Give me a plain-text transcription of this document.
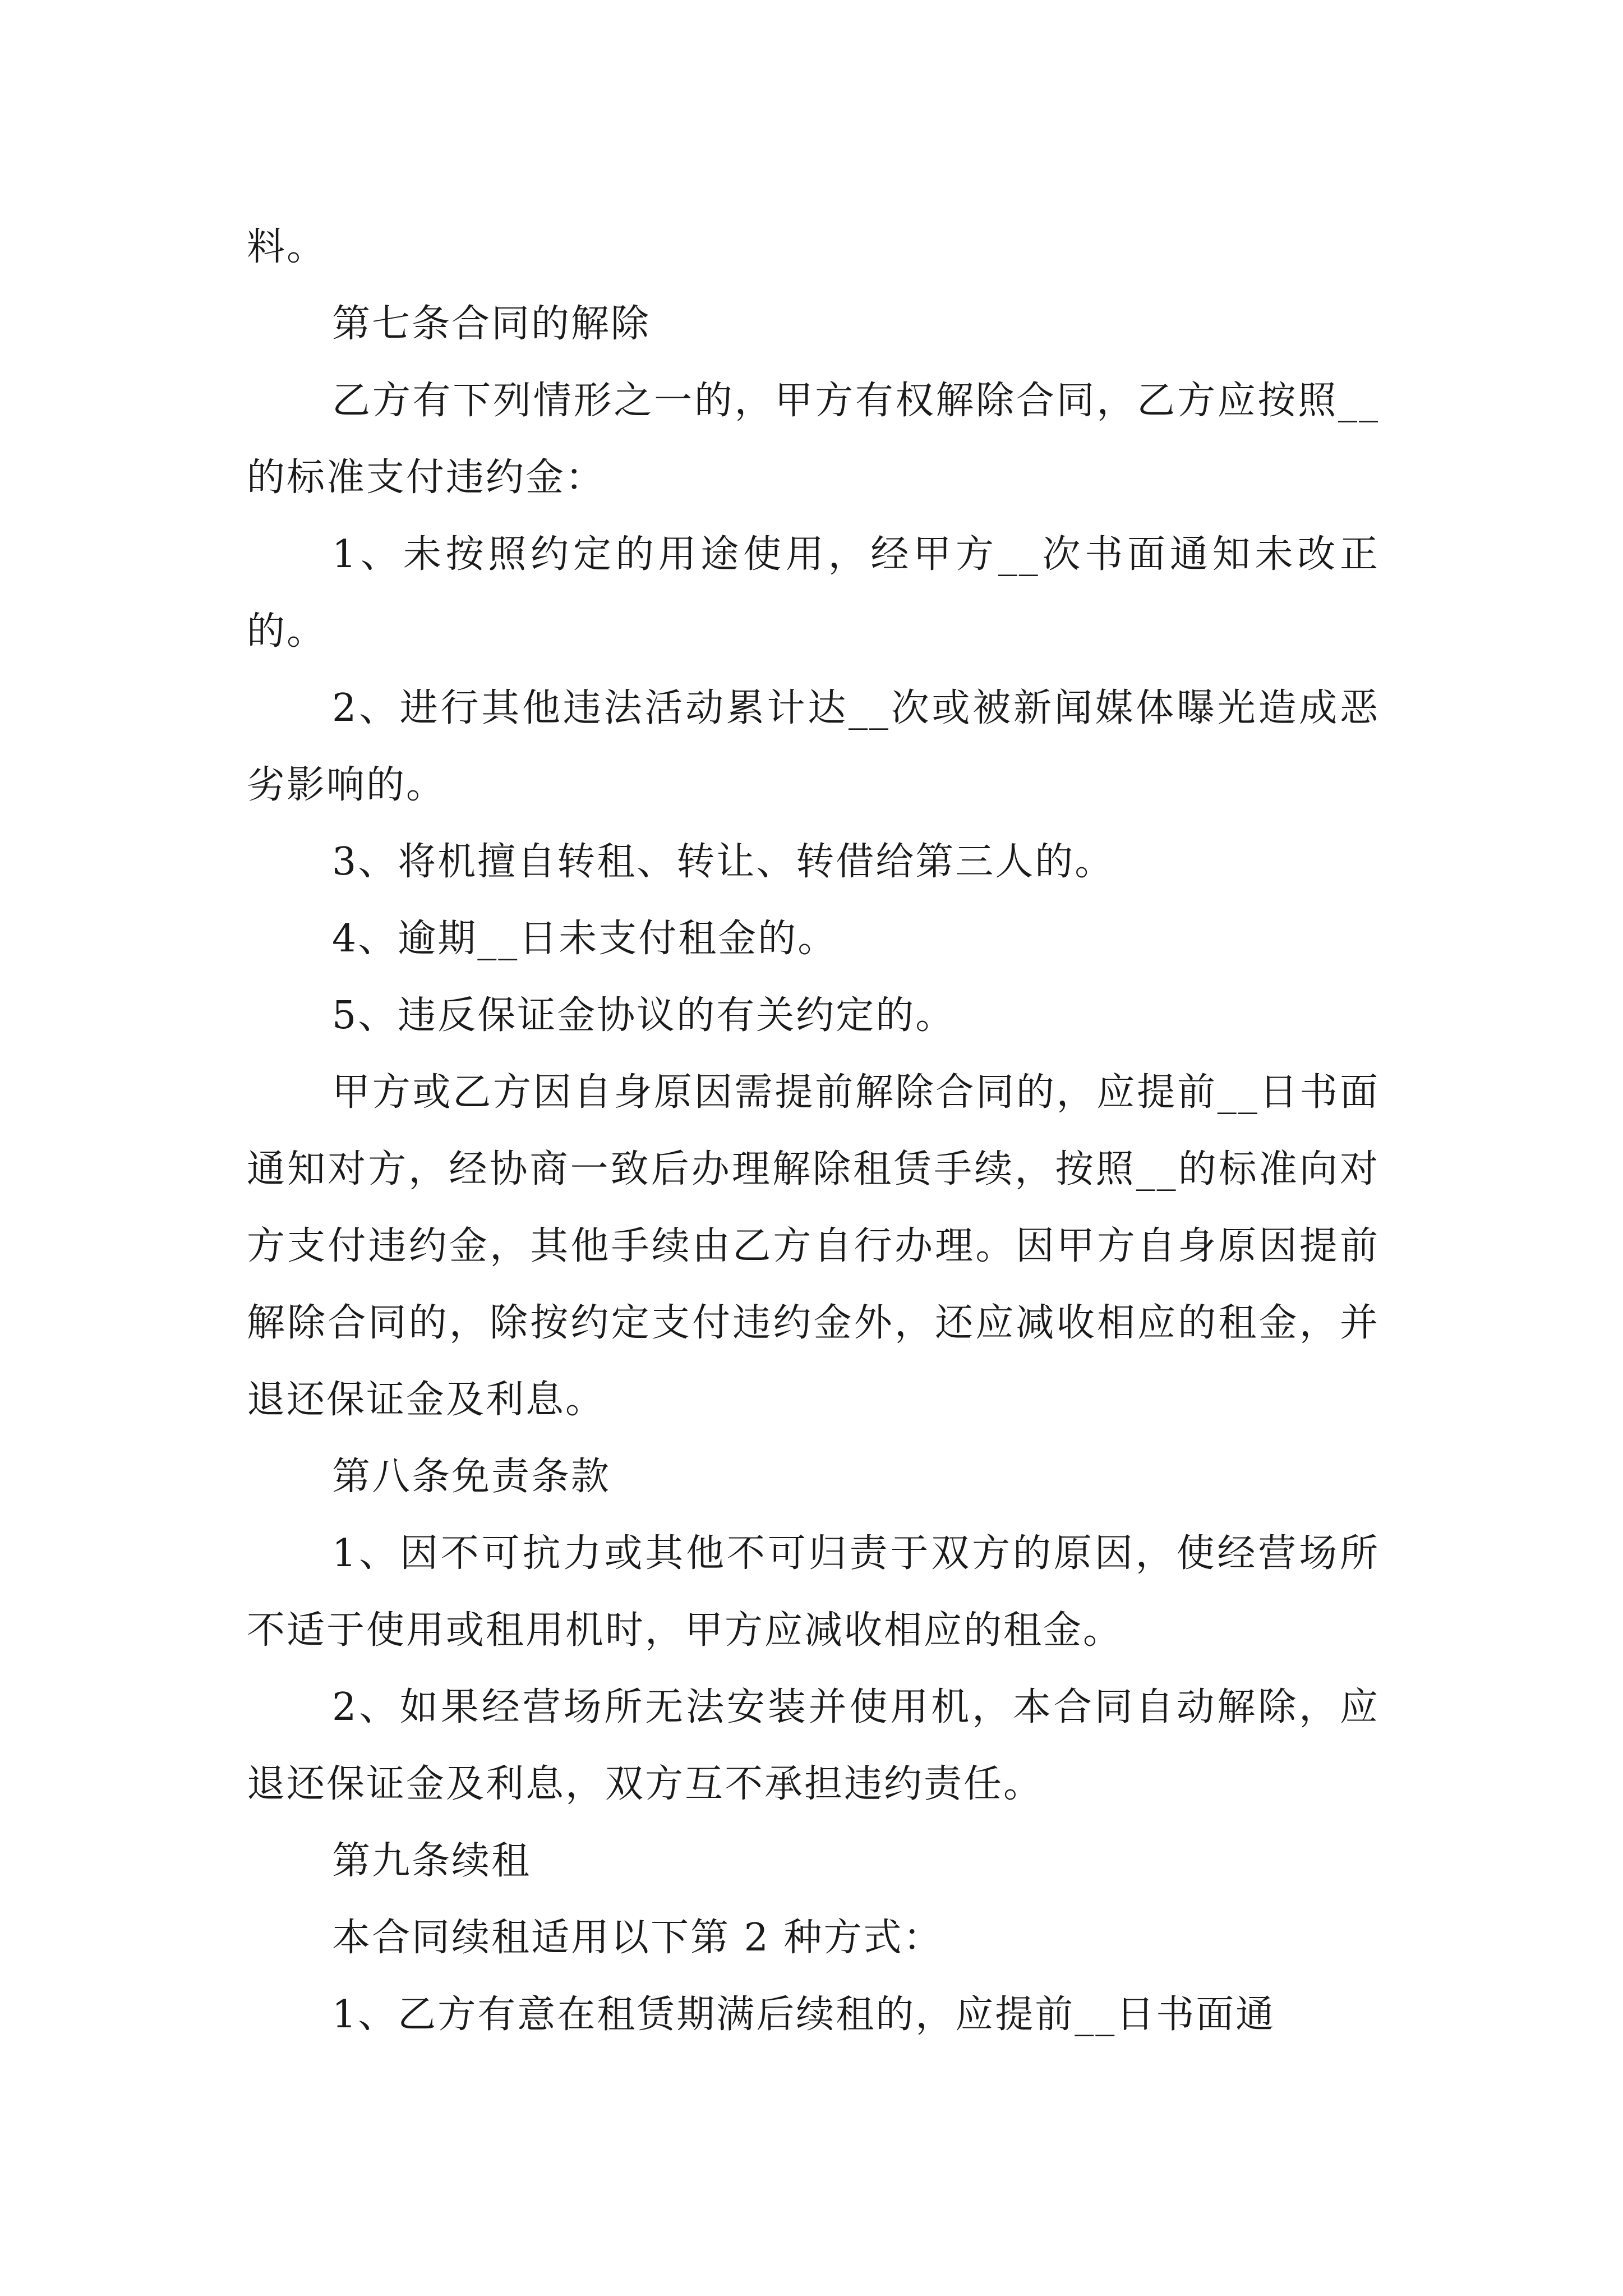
料。

第七条合同的解除

乙方有下列情形之一的，甲方有权解除合同，乙方应按照__的标准支付违约金：

1、未按照约定的用途使用，经甲方__次书面通知未改正的。

2、进行其他违法活动累计达__次或被新闻媒体曝光造成恶劣影响的。

3、将机擅自转租、转让、转借给第三人的。

4、逾期__日未支付租金的。

5、违反保证金协议的有关约定的。

甲方或乙方因自身原因需提前解除合同的，应提前__日书面通知对方，经协商一致后办理解除租赁手续，按照__的标准向对方支付违约金，其他手续由乙方自行办理。因甲方自身原因提前解除合同的，除按约定支付违约金外，还应减收相应的租金，并退还保证金及利息。

第八条免责条款

1、因不可抗力或其他不可归责于双方的原因，使经营场所不适于使用或租用机时，甲方应减收相应的租金。

2、如果经营场所无法安装并使用机，本合同自动解除，应退还保证金及利息，双方互不承担违约责任。

第九条续租

本合同续租适用以下第 2 种方式：

1、乙方有意在租赁期满后续租的，应提前__日书面通
